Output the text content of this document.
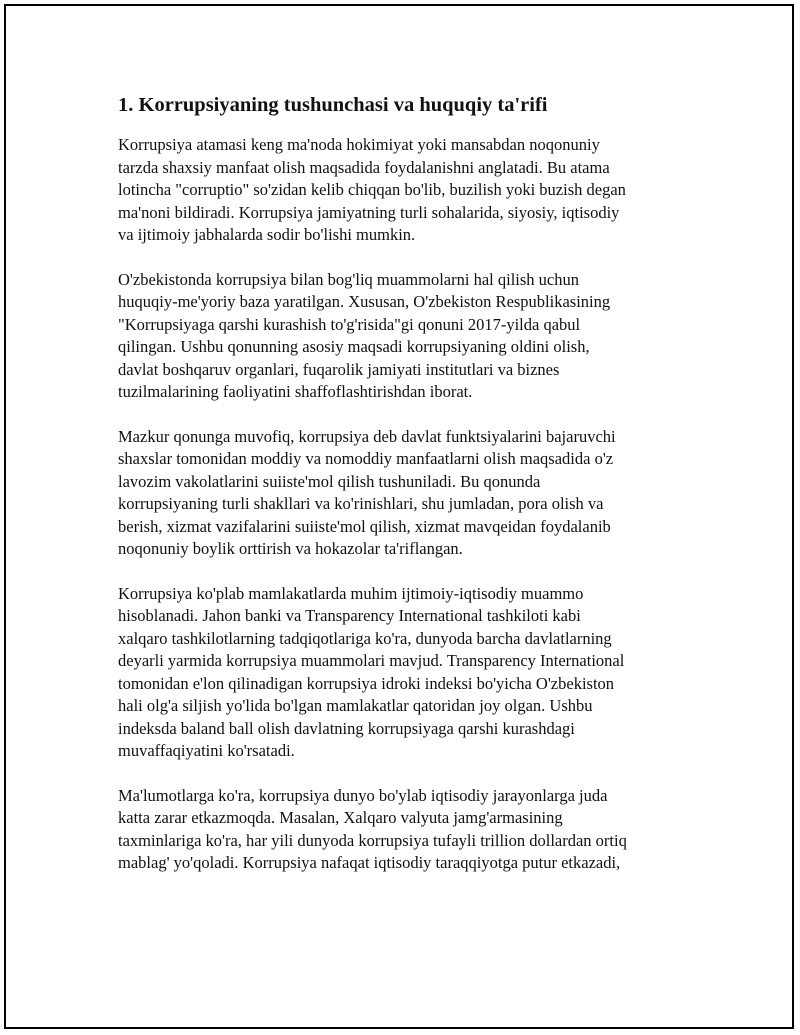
1. Korrupsiyaning tushunchasi va huquqiy ta'rifi

Korrupsiya atamasi keng ma'noda hokimiyat yoki mansabdan noqonuniy
tarzda shaxsiy manfaat olish maqsadida foydalanishni anglatadi. Bu atama
lotincha "corruptio" so'zidan kelib chiqqan bo'lib, buzilish yoki buzish degan
ma'noni bildiradi. Korrupsiya jamiyatning turli sohalarida, siyosiy, iqtisodiy
va ijtimoiy jabhalarda sodir bo'lishi mumkin.

O'zbekistonda korrupsiya bilan bog'liq muammolarni hal qilish uchun
huquqiy-me'yoriy baza yaratilgan. Xususan, O'zbekiston Respublikasining
"Korrupsiyaga qarshi kurashish to'g'risida"gi qonuni 2017-yilda qabul
qilingan. Ushbu qonunning asosiy maqsadi korrupsiyaning oldini olish,
davlat boshqaruv organlari, fuqarolik jamiyati institutlari va biznes
tuzilmalarining faoliyatini shaffoflashtirishdan iborat.

Mazkur qonunga muvofiq, korrupsiya deb davlat funktsiyalarini bajaruvchi
shaxslar tomonidan moddiy va nomoddiy manfaatlarni olish maqsadida o'z
lavozim vakolatlarini suiiste'mol qilish tushuniladi. Bu qonunda
korrupsiyaning turli shakllari va ko'rinishlari, shu jumladan, pora olish va
berish, xizmat vazifalarini suiiste'mol qilish, xizmat mavqeidan foydalanib
noqonuniy boylik orttirish va hokazolar ta'riflangan.

Korrupsiya ko'plab mamlakatlarda muhim ijtimoiy-iqtisodiy muammo
hisoblanadi. Jahon banki va Transparency International tashkiloti kabi
xalqaro tashkilotlarning tadqiqotlariga ko'ra, dunyoda barcha davlatlarning
deyarli yarmida korrupsiya muammolari mavjud. Transparency International
tomonidan e'lon qilinadigan korrupsiya idroki indeksi bo'yicha O'zbekiston
hali olg'a siljish yo'lida bo'lgan mamlakatlar qatoridan joy olgan. Ushbu
indeksda baland ball olish davlatning korrupsiyaga qarshi kurashdagi
muvaffaqiyatini ko'rsatadi.

Ma'lumotlarga ko'ra, korrupsiya dunyo bo'ylab iqtisodiy jarayonlarga juda
katta zarar etkazmoqda. Masalan, Xalqaro valyuta jamg'armasining
taxminlariga ko'ra, har yili dunyoda korrupsiya tufayli trillion dollardan ortiq
mablag' yo'qoladi. Korrupsiya nafaqat iqtisodiy taraqqiyotga putur etkazadi,
